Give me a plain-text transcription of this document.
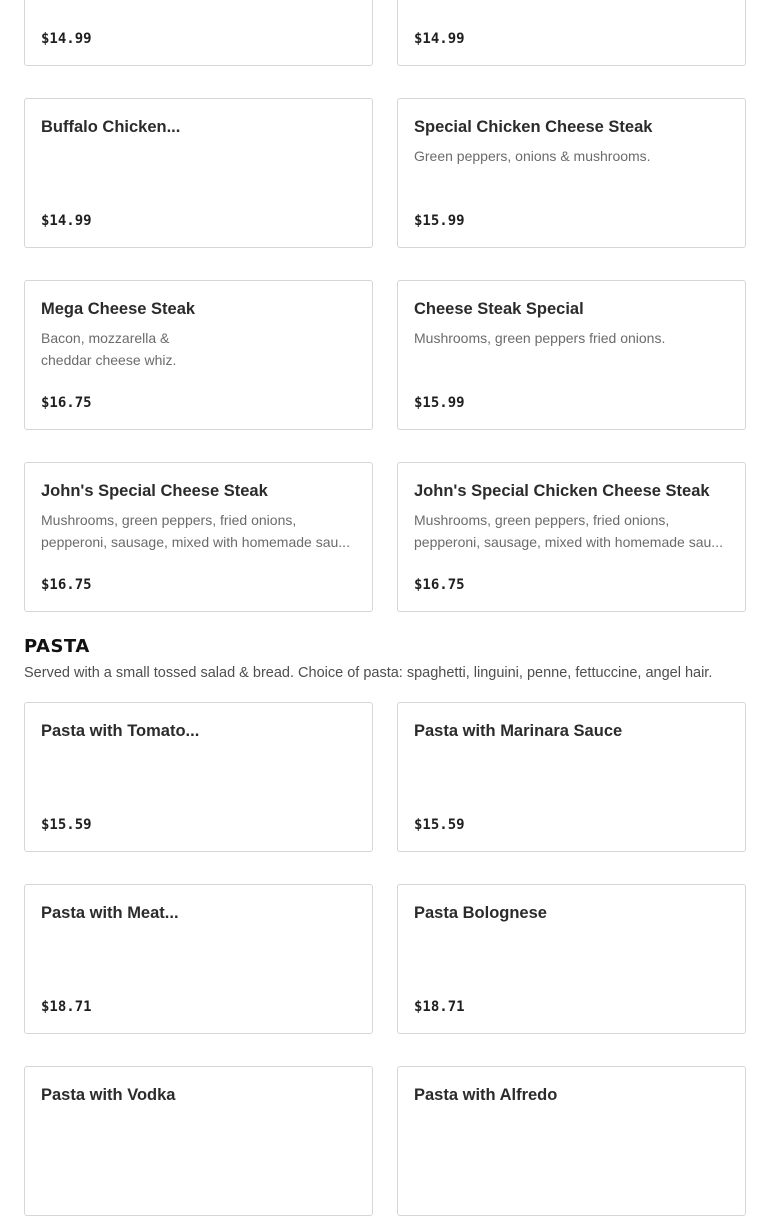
$14.99	$14.99
Buffalo Chicken...
$14.99
Special Chicken Cheese Steak
Green peppers, onions & mushrooms.
$15.99
Mega Cheese Steak
Bacon, mozzarella &
cheddar cheese whiz.
$16.75
Cheese Steak Special
Mushrooms, green peppers fried onions.
$15.99
John's Special Cheese Steak
Mushrooms, green peppers, fried onions,
pepperoni, sausage, mixed with homemade sau...
$16.75
John's Special Chicken Cheese Steak
Mushrooms, green peppers, fried onions,
pepperoni, sausage, mixed with homemade sau...
$16.75
PASTA

Served with a small tossed salad & bread. Choice of pasta: spaghetti, linguini, penne, fettuccine, angel hair.

Pasta with Tomato...
$15.59
Pasta with Marinara Sauce
$15.59
Pasta with Meat...
$18.71
Pasta Bolognese
$18.71
Pasta with Vodka	Pasta with Alfredo
